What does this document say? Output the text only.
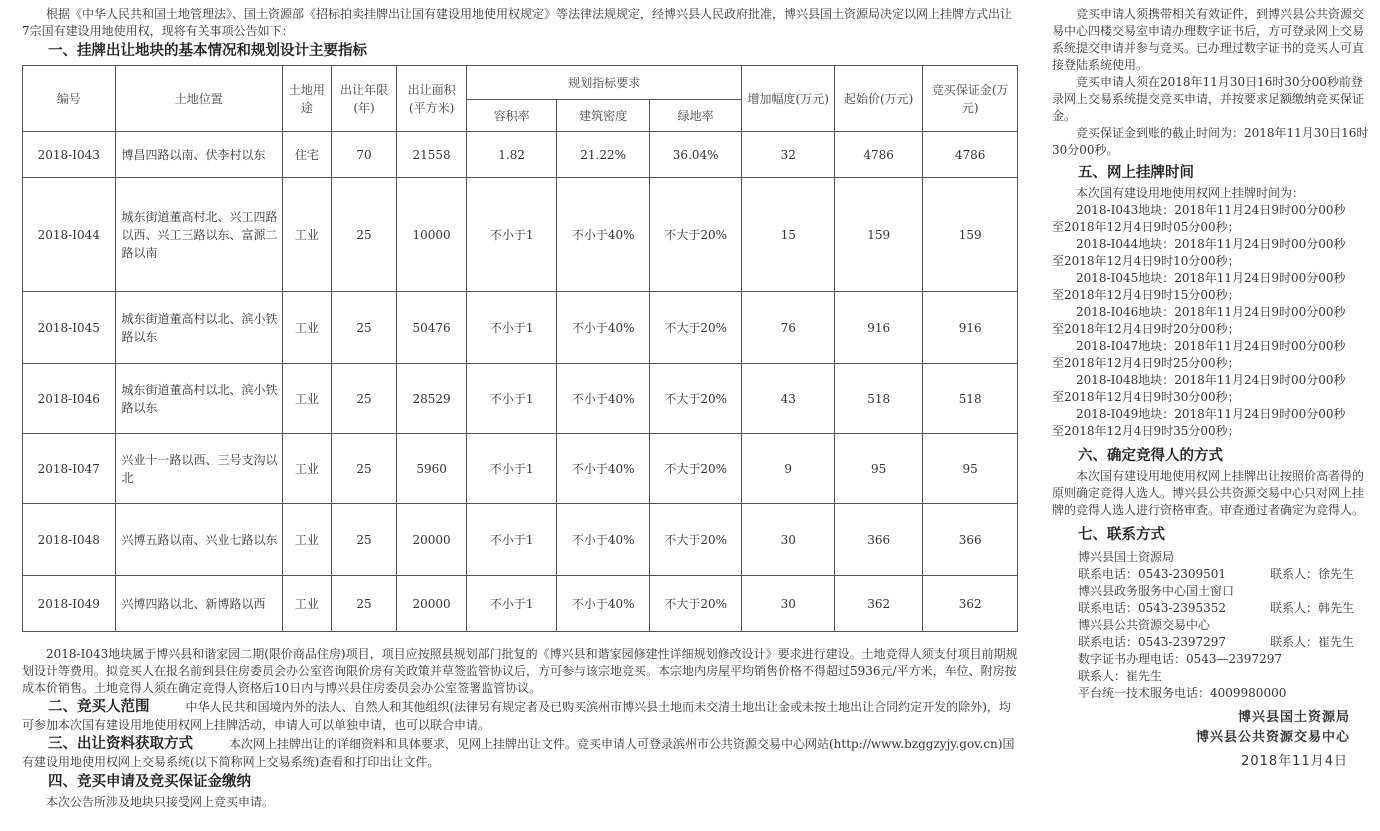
根据《中华人民共和国土地管理法》、国土资源部《招标拍卖挂牌出让国有建设用地使用权规定》等法律法规规定，经博兴县人民政府批准，博兴县国土资源局决定以网上挂牌方式出让7宗国有建设用地使用权，现将有关事项公告如下：

一、挂牌出让地块的基本情况和规划设计主要指标
编号	土地位置	土地用途	出让年限(年)	出让面积(平方米)	规划指标要求			增加幅度(万元)	起始价(万元)	竞买保证金(万元)
					容积率	建筑密度	绿地率			
2018-I043	博昌四路以南、伏李村以东	住宅	70	21558	1.82	21.22%	36.04%	32	4786	4786
2018-I044	城东街道董高村北、兴工四路以西、兴工三路以东、富源二路以南	工业	25	10000	不小于1	不小于40%	不大于20%	15	159	159
2018-I045	城东街道董高村以北、滨小铁路以东	工业	25	50476	不小于1	不小于40%	不大于20%	76	916	916
2018-I046	城东街道董高村以北、滨小铁路以东	工业	25	28529	不小于1	不小于40%	不大于20%	43	518	518
2018-I047	兴业十一路以西、三号支沟以北	工业	25	5960	不小于1	不小于40%	不大于20%	9	95	95
2018-I048	兴博五路以南、兴业七路以东	工业	25	20000	不小于1	不小于40%	不大于20%	30	366	366
2018-I049	兴博四路以北、新博路以西	工业	25	20000	不小于1	不小于40%	不大于20%	30	362	362

2018-I043地块属于博兴县和谐家园二期(限价商品住房)项目，项目应按照县规划部门批复的《博兴县和谐家园修建性详细规划修改设计》要求进行建设。土地竞得人须支付项目前期规划设计等费用。拟竞买人在报名前到县住房委员会办公室咨询限价房有关政策并草签监管协议后，方可参与该宗地竞买。本宗地内房屋平均销售价格不得超过5936元/平方米，车位、附房按成本价销售。土地竞得人须在确定竞得人资格后10日内与博兴县住房委员会办公室签署监管协议。

二、竞买人范围   	中华人民共和国境内外的法人、自然人和其他组织(法律另有规定者及已购买滨州市博兴县土地而未交清土地出让金或未按土地出让合同约定开发的除外)，均可参加本次国有建设用地使用权网上挂牌活动，申请人可以单独申请，也可以联合申请。

三、出让资料获取方式   	本次网上挂牌出让的详细资料和具体要求，见网上挂牌出让文件。竞买申请人可登录滨州市公共资源交易中心网站(http://www.bzggzyjy.gov.cn)国有建设用地使用权网上交易系统(以下简称网上交易系统)查看和打印出让文件。

四、竞买申请及竞买保证金缴纳

本次公告所涉及地块只接受网上竞买申请。

竞买申请人须携带相关有效证件，到博兴县公共资源交易中心四楼交易室申请办理数字证书后，方可登录网上交易系统提交申请并参与竞买。已办理过数字证书的竞买人可直接登陆系统使用。

竞买申请人须在2018年11月30日16时30分00秒前登录网上交易系统提交竞买申请，并按要求足额缴纳竞买保证金。

竞买保证金到账的截止时间为：2018年11月30日16时30分00秒。

五、网上挂牌时间

本次国有建设用地使用权网上挂牌时间为：

2018-I043地块：2018年11月24日9时00分00秒

至2018年12月4日9时05分00秒；

2018-I044地块：2018年11月24日9时00分00秒

至2018年12月4日9时10分00秒；

2018-I045地块：2018年11月24日9时00分00秒

至2018年12月4日9时15分00秒；

2018-I046地块：2018年11月24日9时00分00秒

至2018年12月4日9时20分00秒；

2018-I047地块：2018年11月24日9时00分00秒

至2018年12月4日9时25分00秒；

2018-I048地块：2018年11月24日9时00分00秒

至2018年12月4日9时30分00秒；

2018-I049地块：2018年11月24日9时00分00秒

至2018年12月4日9时35分00秒；

六、确定竞得人的方式

本次国有建设用地使用权网上挂牌出让按照价高者得的原则确定竞得人选人。博兴县公共资源交易中心只对网上挂牌的竞得人选人进行资格审查。审查通过者确定为竞得人。

七、联系方式
博兴县国土资源局
联系电话：0543-2309501	联系人：徐先生
博兴县政务服务中心国土窗口
联系电话：0543-2395352	联系人：韩先生
博兴县公共资源交易中心
联系电话：0543-2397297	联系人：崔先生
数字证书办理电话：0543—2397297
联系人：崔先生
平台统一技术服务电话：4009980000
博兴县国土资源局
博兴县公共资源交易中心
2018年11月4日
